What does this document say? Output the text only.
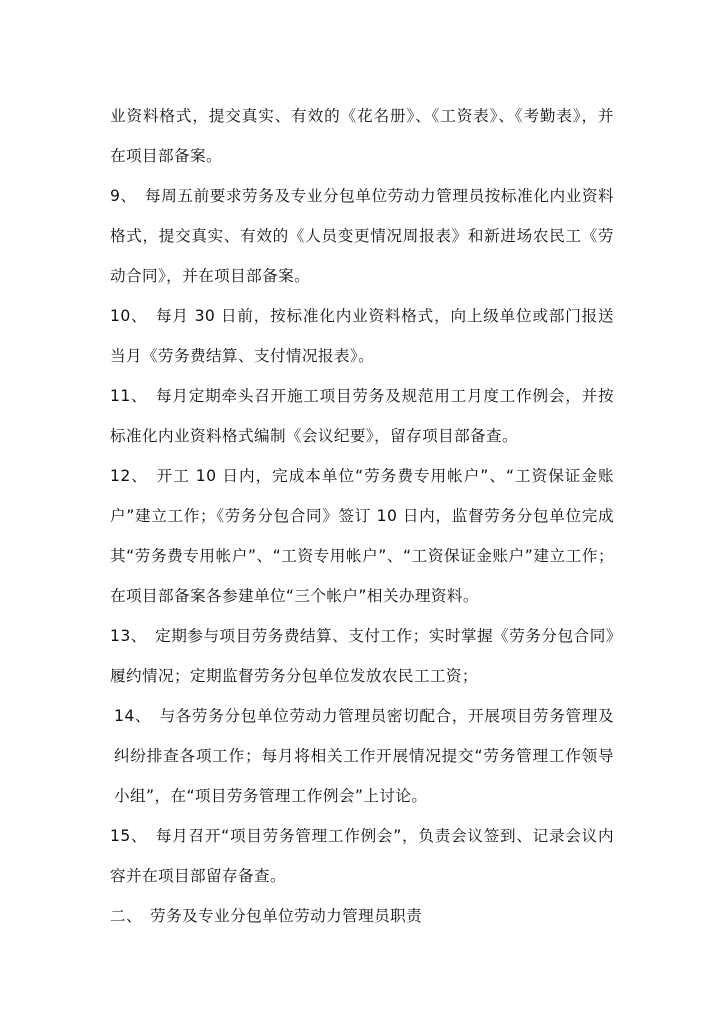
业资料格式，提交真实、有效的《花名册》、《工资表》、《考勤表》，并在项目部备案。

9、　每周五前要求劳务及专业分包单位劳动力管理员按标准化内业资料格式，提交真实、有效的《人员变更情况周报表》和新进场农民工《劳动合同》，并在项目部备案。

10、　每月 30 日前，按标准化内业资料格式，向上级单位或部门报送当月《劳务费结算、支付情况报表》。

11、　每月定期牵头召开施工项目劳务及规范用工月度工作例会，并按标准化内业资料格式编制《会议纪要》，留存项目部备查。

12、　开工 10 日内，完成本单位“劳务费专用帐户”、“工资保证金账户”建立工作；《劳务分包合同》签订 10 日内，监督劳务分包单位完成其“劳务费专用帐户”、“工资专用帐户”、“工资保证金账户”建立工作；在项目部备案各参建单位“三个帐户”相关办理资料。

13、　定期参与项目劳务费结算、支付工作；实时掌握《劳务分包合同》履约情况；定期监督劳务分包单位发放农民工工资；

14、　与各劳务分包单位劳动力管理员密切配合，开展项目劳务管理及纠纷排查各项工作；每月将相关工作开展情况提交“劳务管理工作领导小组”，在“项目劳务管理工作例会”上讨论。

15、　每月召开“项目劳务管理工作例会”，负责会议签到、记录会议内容并在项目部留存备查。

二、　劳务及专业分包单位劳动力管理员职责
